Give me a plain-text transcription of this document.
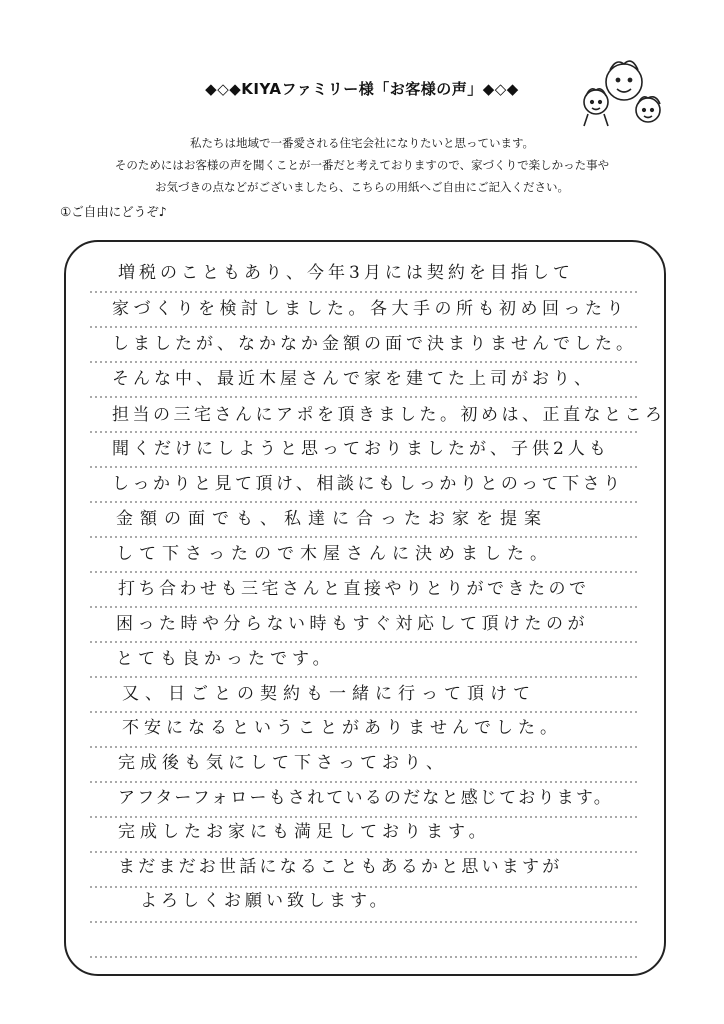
◆◇◆KIYAファミリー様「お客様の声」◆◇◆
私たちは地域で一番愛される住宅会社になりたいと思っています。
そのためにはお客様の声を聞くことが一番だと考えておりますので、家づくりで楽しかった事や
お気づきの点などがございましたら、こちらの用紙へご自由にご記入ください。
①ご自由にどうぞ♪
増税のこともあり、今年3月には契約を目指して
家づくりを検討しました。各大手の所も初め回ったり
しましたが、なかなか金額の面で決まりませんでした。
そんな中、最近木屋さんで家を建てた上司がおり、
担当の三宅さんにアポを頂きました。初めは、正直なところ
聞くだけにしようと思っておりましたが、子供2人も
しっかりと見て頂け、相談にもしっかりとのって下さり
金額の面でも、私達に合ったお家を提案
して下さったので木屋さんに決めました。
打ち合わせも三宅さんと直接やりとりができたので
困った時や分らない時もすぐ対応して頂けたのが
とても良かったです。
又、日ごとの契約も一緒に行って頂けて
不安になるということがありませんでした。
完成後も気にして下さっており、
アフターフォローもされているのだなと感じております。
完成したお家にも満足しております。
まだまだお世話になることもあるかと思いますが
よろしくお願い致します。
